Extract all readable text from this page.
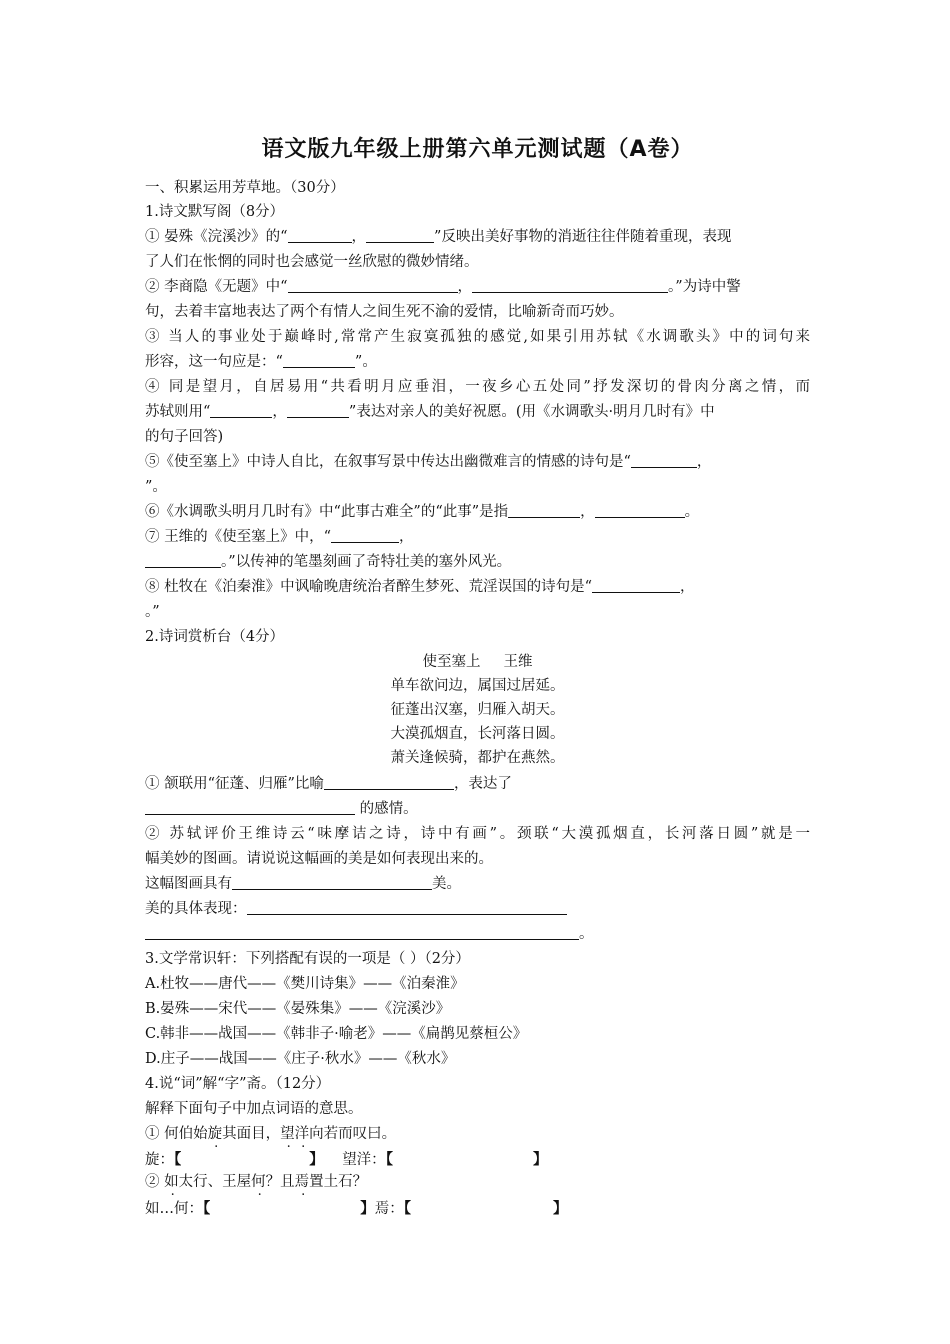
语文版九年级上册第六单元测试题（A卷）
一、积累运用芳草地。（30分）
1.诗文默写阁（8分）
① 晏殊《浣溪沙》的“	，	”反映出美好事物的消逝往往伴随着重现，表现
了人们在怅惘的同时也会感觉一丝欣慰的微妙情绪。
② 李商隐《无题》中“	，	。”为诗中警
句，去着丰富地表达了两个有情人之间生死不渝的爱情，比喻新奇而巧妙。
③ 当人的事业处于巅峰时,常常产生寂寞孤独的感觉,如果引用苏轼《水调歌头》中的词句来
形容，这一句应是：“	”。
④ 同是望月，自居易用“共看明月应垂泪，一夜乡心五处同”抒发深切的骨肉分离之情，而
苏轼则用“	，	”表达对亲人的美好祝愿。(用《水调歌头·明月几时有》中
的句子回答)
⑤《使至塞上》中诗人自比，在叙事写景中传达出幽微难言的情感的诗句是“	，
”。
⑥《水调歌头明月几时有》中“此事古难全”的“此事”是指	，	。
⑦ 王维的《使至塞上》中，“	，
。”以传神的笔墨刻画了奇特壮美的塞外风光。
⑧ 杜牧在《泊秦淮》中讽喻晚唐统治者醉生梦死、荒淫误国的诗句是“	，
。”
2.诗词赏析台（4分）
使至塞上 王维
单车欲问边，属国过居延。
征蓬出汉塞，归雁入胡天。
大漠孤烟直，长河落日圆。
萧关逢候骑，都护在燕然。
① 颔联用“征蓬、归雁”比喻	，表达了
的感情。
② 苏轼评价王维诗云“味摩诘之诗，诗中有画”。颈联“大漠孤烟直，长河落日圆”就是一
幅美妙的图画。请说说这幅画的美是如何表现出来的。
这幅图画具有	美。
美的具体表现：
。
3.文学常识轩：下列搭配有误的一项是（ ）（2分）
A.杜牧——唐代——《樊川诗集》——《泊秦淮》
B.晏殊——宋代——《晏殊集》——《浣溪沙》
C.韩非——战国——《韩非子·喻老》——《扁鹊见蔡桓公》
D.庄子——战国——《庄子·秋水》——《秋水》
4.说“词”解“字”斋。（12分）
解释下面句子中加点词语的意思。
① 何伯始旋其面目，望洋向若而叹曰。
旋：【	】 望洋：【	】
② 如太行、王屋何？且焉置土石？
如…何：【	】焉：【	】
